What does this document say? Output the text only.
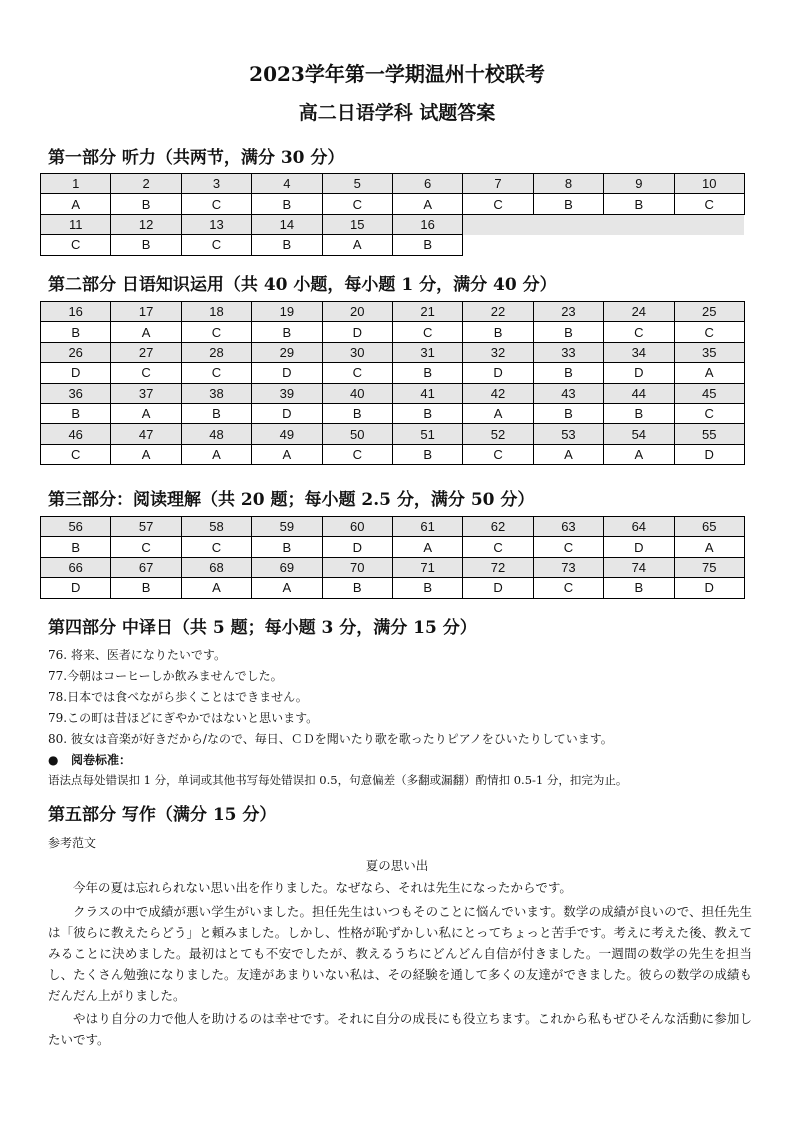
2023学年第一学期温州十校联考
高二日语学科 试题答案
第一部分 听力（共两节，满分 30 分）
1	2	3	4	5	6	7	8	9	10
A	B	C	B	C	A	C	B	B	C
11	12	13	14	15	16				
C	B	C	B	A	B				
第二部分 日语知识运用（共 40 小题，每小题 1 分，满分 40 分）
16	17	18	19	20	21	22	23	24	25
B	A	C	B	D	C	B	B	C	C
26	27	28	29	30	31	32	33	34	35
D	C	C	D	C	B	D	B	D	A
36	37	38	39	40	41	42	43	44	45
B	A	B	D	B	B	A	B	B	C
46	47	48	49	50	51	52	53	54	55
C	A	A	A	C	B	C	A	A	D
第三部分：阅读理解（共 20 题；每小题 2.5 分，满分 50 分）
56	57	58	59	60	61	62	63	64	65
B	C	C	B	D	A	C	C	D	A
66	67	68	69	70	71	72	73	74	75
D	B	A	A	B	B	D	C	B	D
第四部分 中译日（共 5 题；每小题 3 分，满分 15 分）
76. 将来、医者になりたいです。
77.今朝はコーヒーしか飲みませんでした。
78.日本では食べながら歩くことはできません。
79.この町は昔ほどにぎやかではないと思います。
80. 彼女は音楽が好きだから/なので、毎日、ＣＤを聞いたり歌を歌ったりピアノをひいたりしています。
●   阅卷标准：
语法点每处错误扣 1 分，单词或其他书写每处错误扣 0.5，句意偏差（多翻或漏翻）酌情扣 0.5-1 分，扣完为止。
第五部分 写作（满分 15 分）
参考范文
夏の思い出

今年の夏は忘れられない思い出を作りました。なぜなら、それは先生になったからです。

クラスの中で成績が悪い学生がいました。担任先生はいつもそのことに悩んでいます。数学の成績が良いので、担任先生は「彼らに教えたらどう」と頼みました。しかし、性格が恥ずかしい私にとってちょっと苦手です。考えに考えた後、教えてみることに決めました。最初はとても不安でしたが、教えるうちにどんどん自信が付きました。一週間の数学の先生を担当し、たくさん勉強になりました。友達があまりいない私は、その経験を通して多くの友達ができました。彼らの数学の成績もだんだん上がりました。

やはり自分の力で他人を助けるのは幸せです。それに自分の成長にも役立ちます。これから私もぜひそんな活動に参加したいです。
